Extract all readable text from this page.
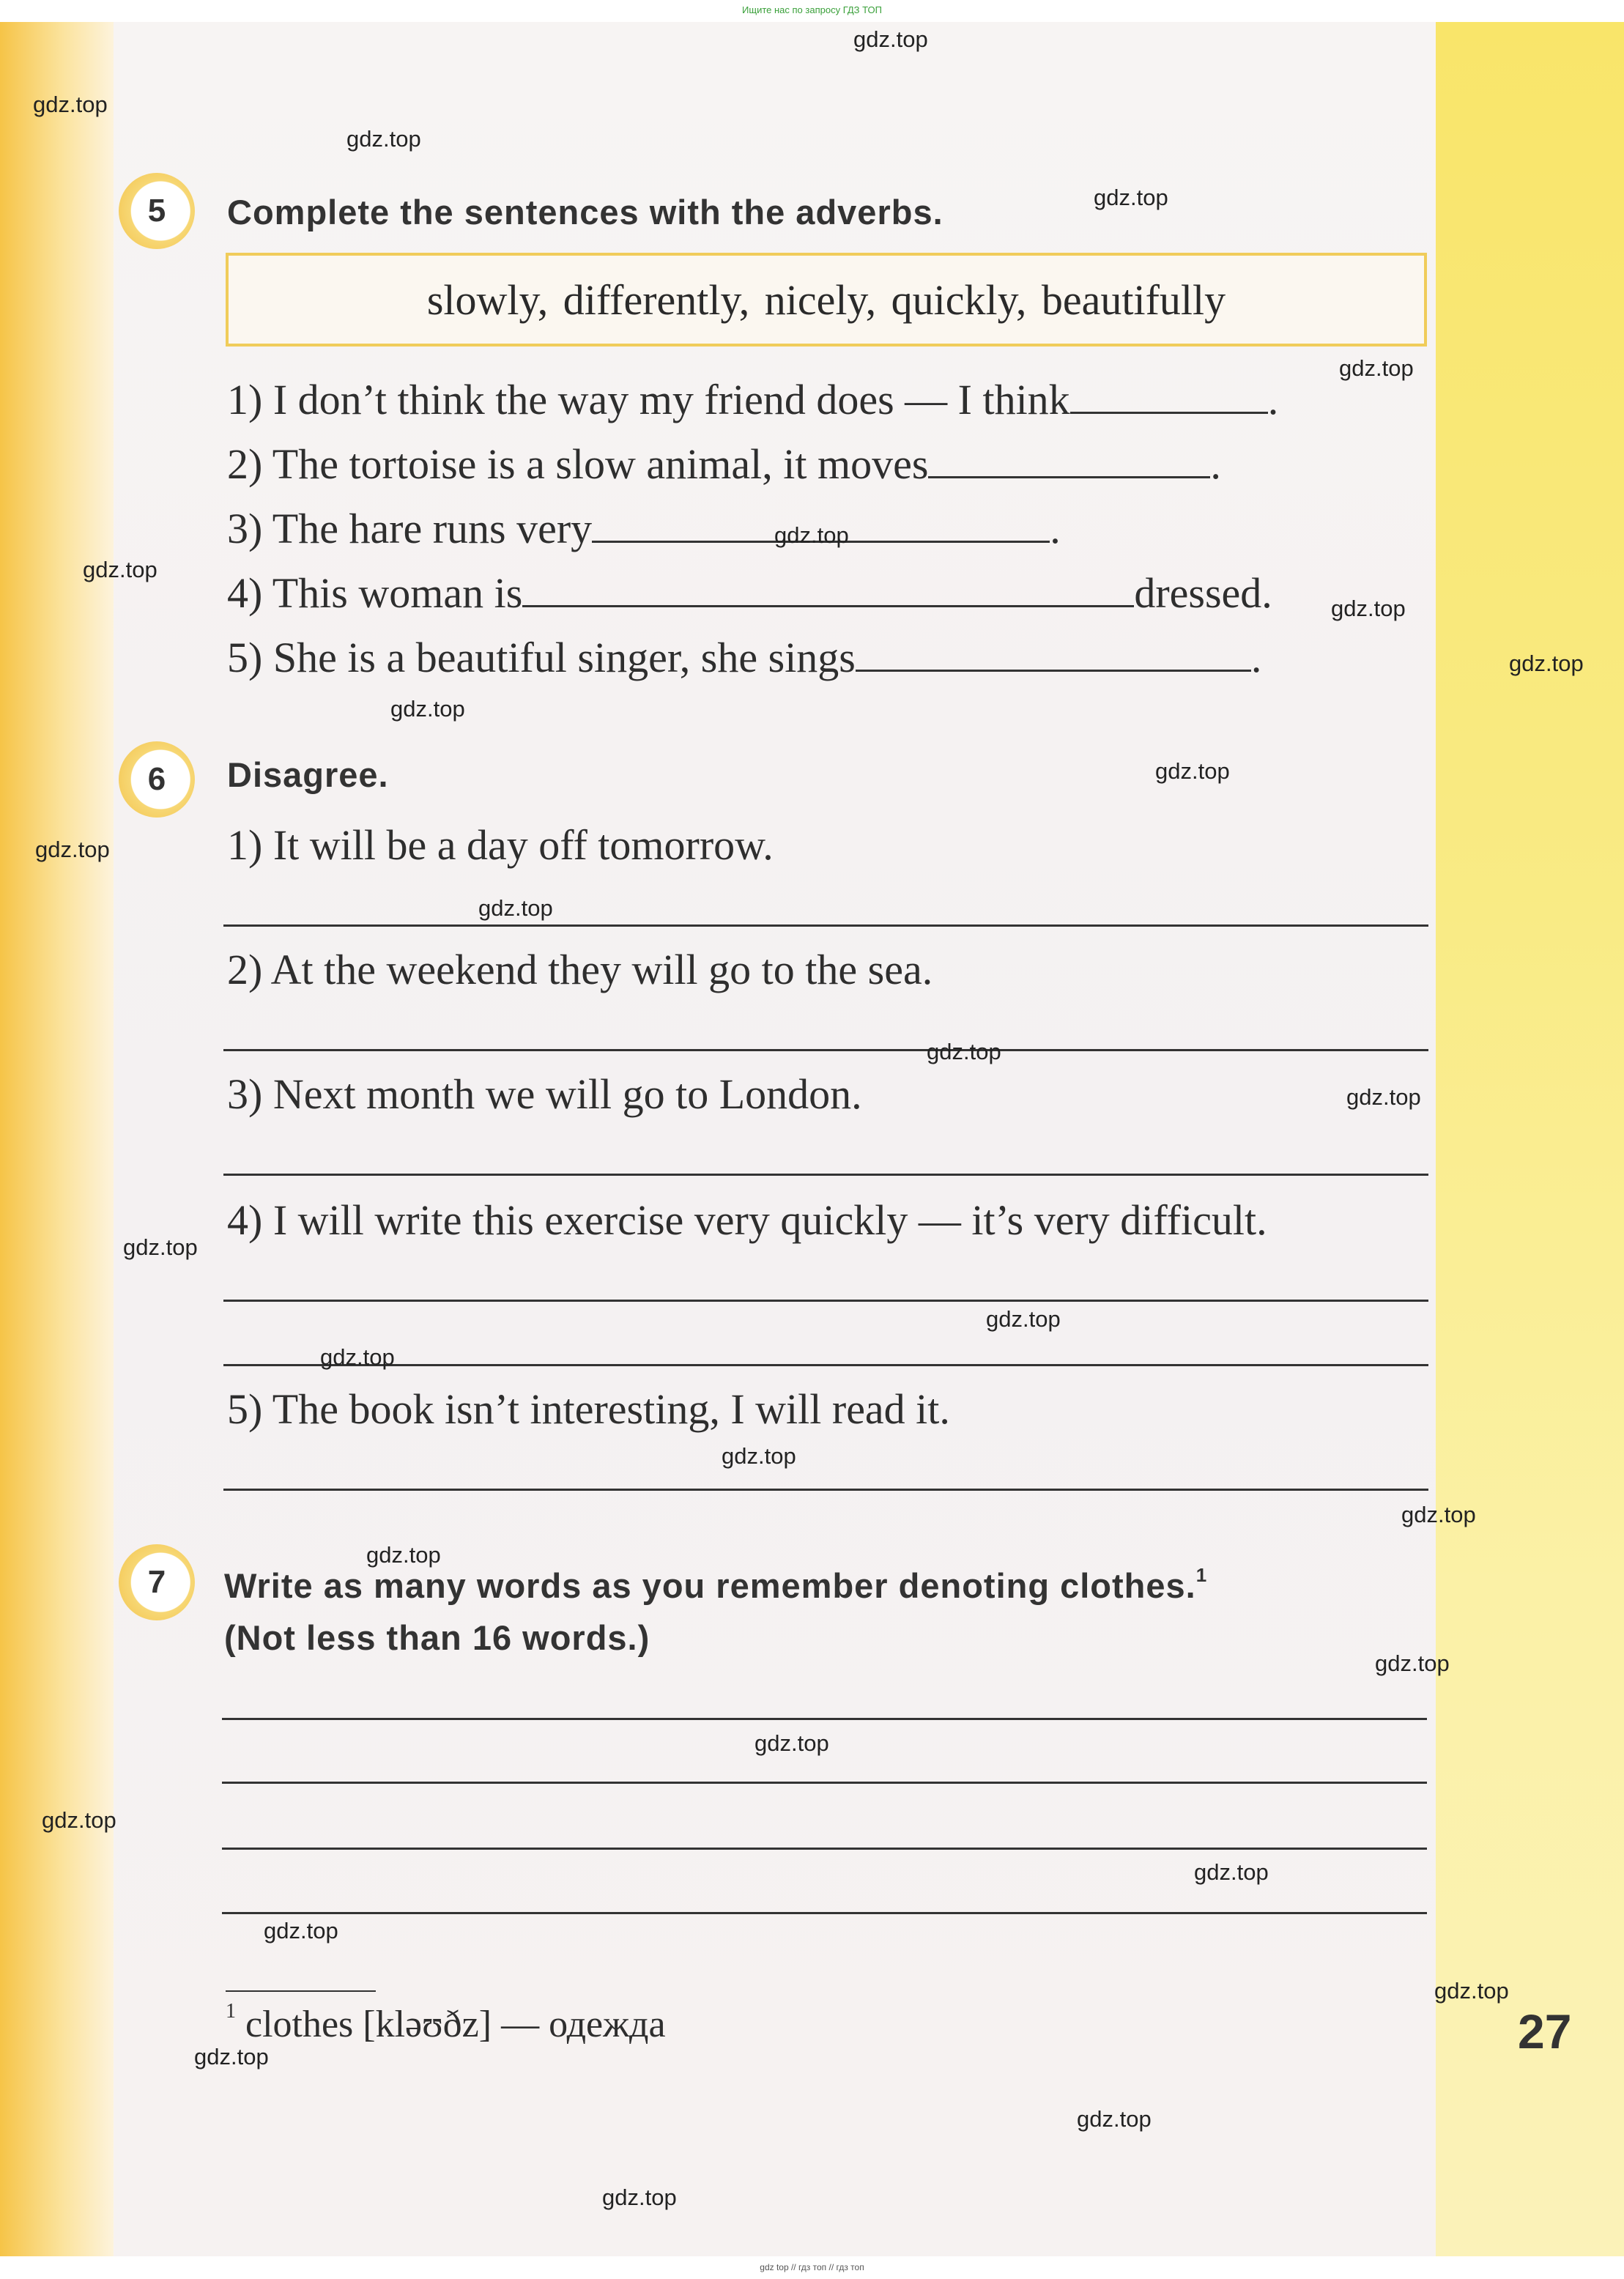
Ищите нас по запросу ГДЗ ТОП
5 Complete the sentences with the adverbs.
slowly, differently, nicely, quickly, beautifully
1) I don’t think the way my friend does — I think	.
2) The tortoise is a slow animal, it moves	.
3) The hare runs very	.
4) This woman is	dressed.
5) She is a beautiful singer, she sings	.
6 Disagree.
1) It will be a day off tomorrow.
2) At the weekend they will go to the sea.
3) Next month we will go to London.
4) I will write this exercise very quickly — it’s very difficult.
5) The book isn’t interesting, I will read it.
7 Write as many words as you remember denoting clothes.$^1$
(Not less than 16 words.)
$^1$ clothes [kləʊðz] — одежда	27
gdz.top
gdz.top
gdz.top
gdz.top
gdz.top
gdz.top
gdz.top
gdz.top
gdz.top
gdz.top
gdz.top
gdz.top
gdz.top
gdz.top
gdz.top
gdz.top
gdz.top
gdz.top
gdz.top
gdz.top
gdz.top
gdz.top
gdz.top
gdz.top
gdz.top
gdz.top
gdz.top
gdz.top
gdz.top
gdz.top
gdz top // гдз топ // гдз топ
